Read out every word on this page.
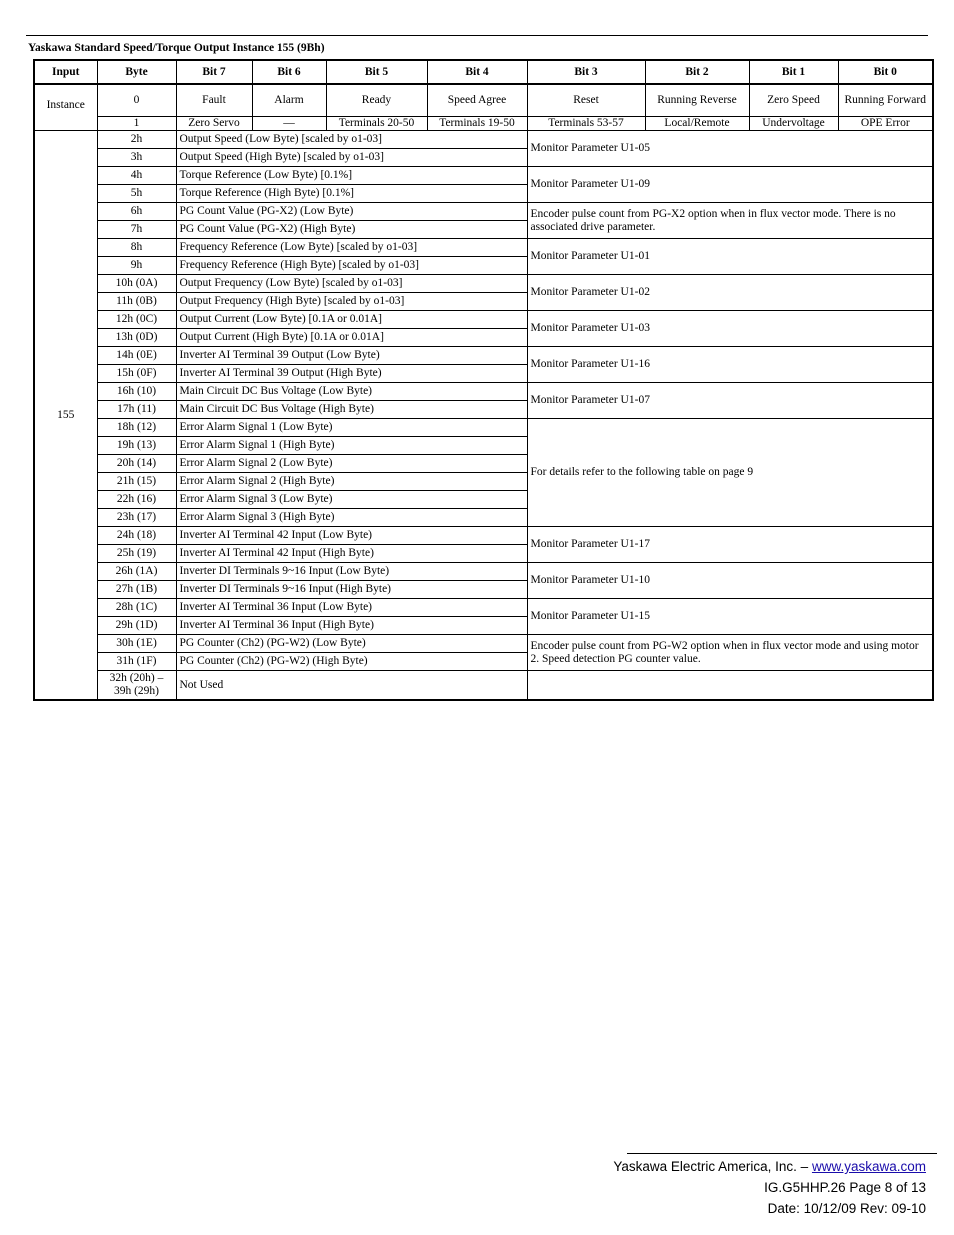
Yaskawa Standard Speed/Torque Output Instance 155 (9Bh)
Input	Byte	Bit 7	Bit 6	Bit 5	Bit 4	Bit 3	Bit 2	Bit 1	Bit 0
Instance	0	Fault	Alarm	Ready	Speed Agree	Reset	Running Reverse	Zero Speed	Running Forward
	1	Zero Servo	—	Terminals 20-50	Terminals 19-50	Terminals 53-57	Local/Remote	Undervoltage	OPE Error
155	2h	Output Speed (Low Byte) [scaled by o1-03]				Monitor Parameter U1-05			
	3h	Output Speed (High Byte) [scaled by o1-03]							
	4h	Torque Reference (Low Byte) [0.1%]				Monitor Parameter U1-09			
	5h	Torque Reference (High Byte) [0.1%]							
	6h	PG Count Value (PG-X2) (Low Byte)				Encoder pulse count from PG-X2 option when in flux vector mode. There is no associated drive parameter.			
	7h	PG Count Value (PG-X2) (High Byte)							
	8h	Frequency Reference (Low Byte) [scaled by o1-03]				Monitor Parameter U1-01			
	9h	Frequency Reference (High Byte) [scaled by o1-03]							
	10h (0A)	Output Frequency (Low Byte) [scaled by o1-03]				Monitor Parameter U1-02			
	11h (0B)	Output Frequency (High Byte) [scaled by o1-03]							
	12h (0C)	Output Current (Low Byte) [0.1A or 0.01A]				Monitor Parameter U1-03			
	13h (0D)	Output Current (High Byte) [0.1A or 0.01A]							
	14h (0E)	Inverter AI Terminal 39 Output (Low Byte)				Monitor Parameter U1-16			
	15h (0F)	Inverter AI Terminal 39 Output (High Byte)							
	16h (10)	Main Circuit DC Bus Voltage (Low Byte)				Monitor Parameter U1-07			
	17h (11)	Main Circuit DC Bus Voltage (High Byte)							
	18h (12)	Error Alarm Signal 1 (Low Byte)				For details refer to the following table on page 9			
	19h (13)	Error Alarm Signal 1 (High Byte)							
	20h (14)	Error Alarm Signal 2 (Low Byte)							
	21h (15)	Error Alarm Signal 2 (High Byte)							
	22h (16)	Error Alarm Signal 3 (Low Byte)							
	23h (17)	Error Alarm Signal 3 (High Byte)							
	24h (18)	Inverter AI Terminal 42 Input (Low Byte)				Monitor Parameter U1-17			
	25h (19)	Inverter AI Terminal 42 Input (High Byte)							
	26h (1A)	Inverter DI Terminals 9~16 Input (Low Byte)				Monitor Parameter U1-10			
	27h (1B)	Inverter DI Terminals 9~16 Input (High Byte)							
	28h (1C)	Inverter AI Terminal 36 Input (Low Byte)				Monitor Parameter U1-15			
	29h (1D)	Inverter AI Terminal 36 Input (High Byte)							
	30h (1E)	PG Counter (Ch2) (PG-W2) (Low Byte)				Encoder pulse count from PG-W2 option when in flux vector mode and using motor 2. Speed detection PG counter value.			
	31h (1F)	PG Counter (Ch2) (PG-W2) (High Byte)							
	32h (20h) –
39h (29h)	Not Used							
Yaskawa Electric America, Inc. – www.yaskawa.com
IG.G5HHP.26 Page 8 of 13
Date: 10/12/09 Rev: 09-10
